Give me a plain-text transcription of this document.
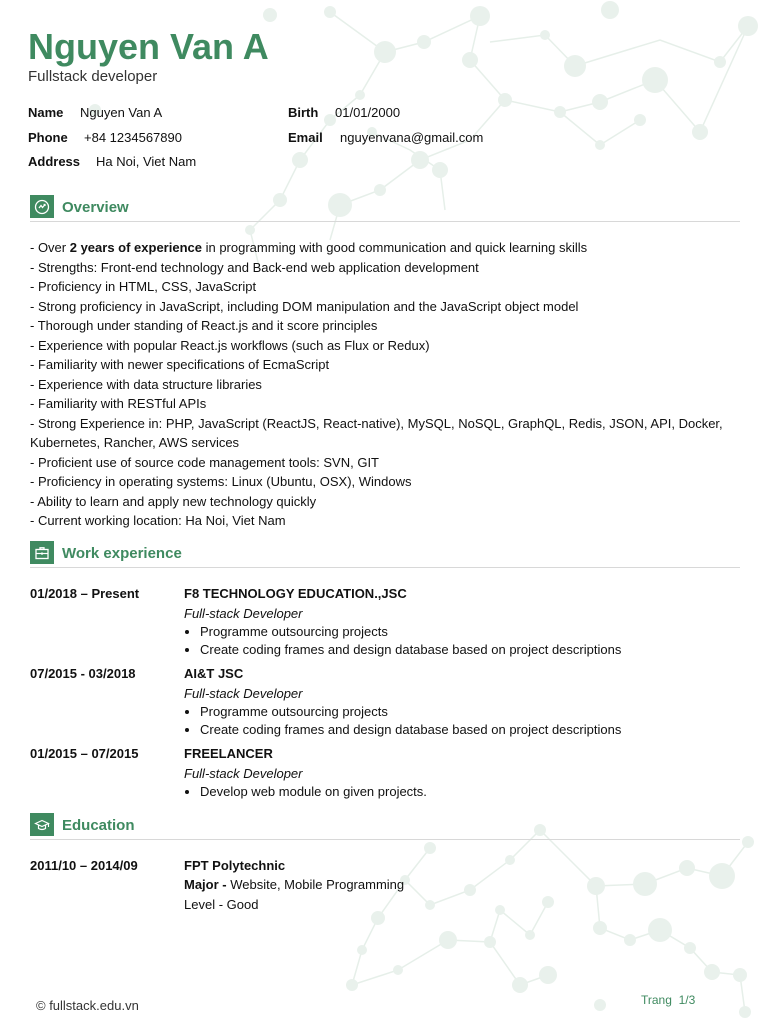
Nguyen Van A
Fullstack developer
Name Nguyen Van A	Birth 01/01/2000
Phone +84 1234567890	Email nguyenvana@gmail.com
Address Ha Noi, Viet Nam
Overview
- Over 2 years of experience in programming with good communication and quick learning skills
- Strengths: Front-end technology and Back-end web application development
- Proficiency in HTML, CSS, JavaScript
- Strong proficiency in JavaScript, including DOM manipulation and the JavaScript object model
- Thorough under standing of React.js and it score principles
- Experience with popular React.js workflows (such as Flux or Redux)
- Familiarity with newer specifications of EcmaScript
- Experience with data structure libraries
- Familiarity with RESTful APIs
- Strong Experience in: PHP, JavaScript (ReactJS, React-native), MySQL, NoSQL, GraphQL, Redis, JSON, API, Docker, Kubernetes, Rancher, AWS services
- Proficient use of source code management tools: SVN, GIT
- Proficiency in operating systems: Linux (Ubuntu, OSX), Windows
- Ability to learn and apply new technology quickly
- Current working location: Ha Noi, Viet Nam
Work experience
01/2018 – Present	F8 TECHNOLOGY EDUCATION.,JSC
Full-stack Developer
• Programme outsourcing projects
• Create coding frames and design database based on project descriptions
07/2015 - 03/2018	AI&T JSC
Full-stack Developer
• Programme outsourcing projects
• Create coding frames and design database based on project descriptions
01/2015 – 07/2015	FREELANCER
Full-stack Developer
• Develop web module on given projects.
Education
2011/10 – 2014/09	FPT Polytechnic
Major - Website, Mobile Programming
Level - Good
© fullstack.edu.vn	Trang  1/3
